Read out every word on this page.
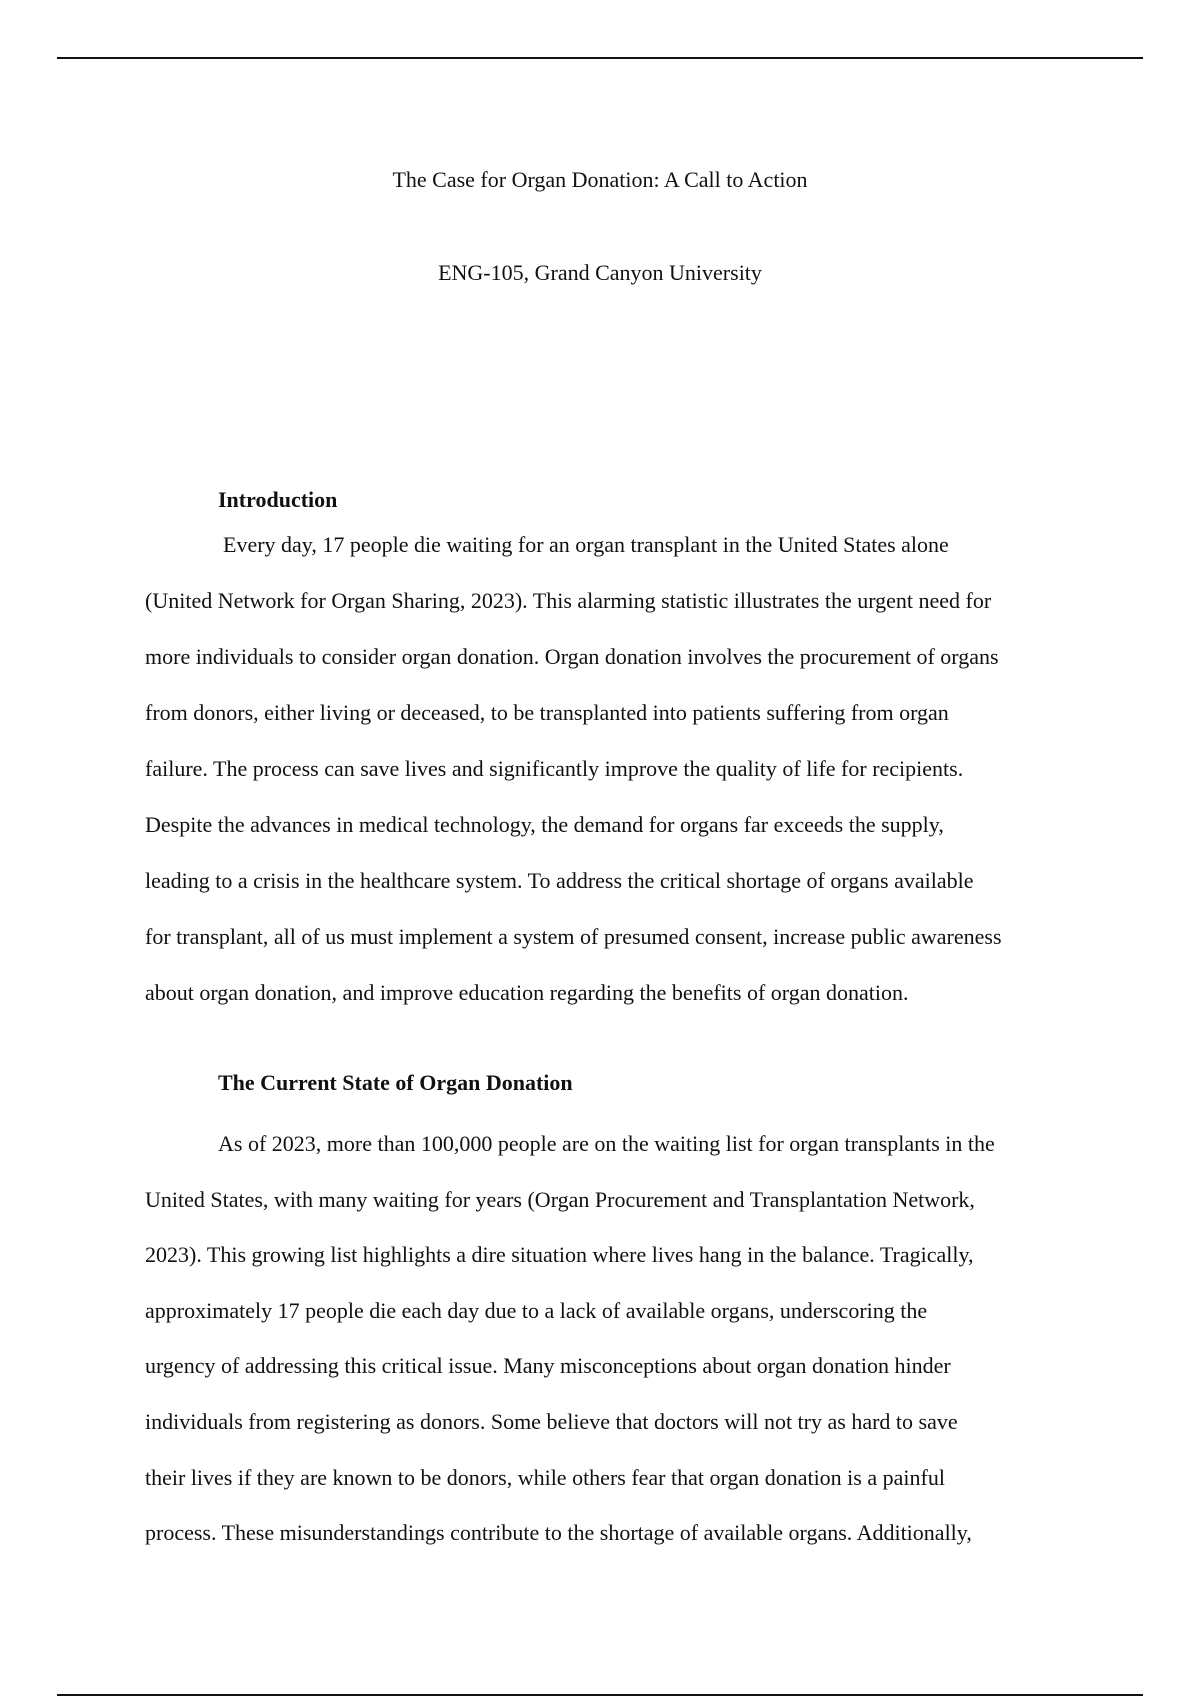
The Case for Organ Donation: A Call to Action
ENG-105, Grand Canyon University
Introduction
Every day, 17 people die waiting for an organ transplant in the United States alone
(United Network for Organ Sharing, 2023). This alarming statistic illustrates the urgent need for
more individuals to consider organ donation. Organ donation involves the procurement of organs
from donors, either living or deceased, to be transplanted into patients suffering from organ
failure. The process can save lives and significantly improve the quality of life for recipients.
Despite the advances in medical technology, the demand for organs far exceeds the supply,
leading to a crisis in the healthcare system. To address the critical shortage of organs available
for transplant, all of us must implement a system of presumed consent, increase public awareness
about organ donation, and improve education regarding the benefits of organ donation.
The Current State of Organ Donation
As of 2023, more than 100,000 people are on the waiting list for organ transplants in the
United States, with many waiting for years (Organ Procurement and Transplantation Network,
2023). This growing list highlights a dire situation where lives hang in the balance. Tragically,
approximately 17 people die each day due to a lack of available organs, underscoring the
urgency of addressing this critical issue. Many misconceptions about organ donation hinder
individuals from registering as donors. Some believe that doctors will not try as hard to save
their lives if they are known to be donors, while others fear that organ donation is a painful
process. These misunderstandings contribute to the shortage of available organs. Additionally,
